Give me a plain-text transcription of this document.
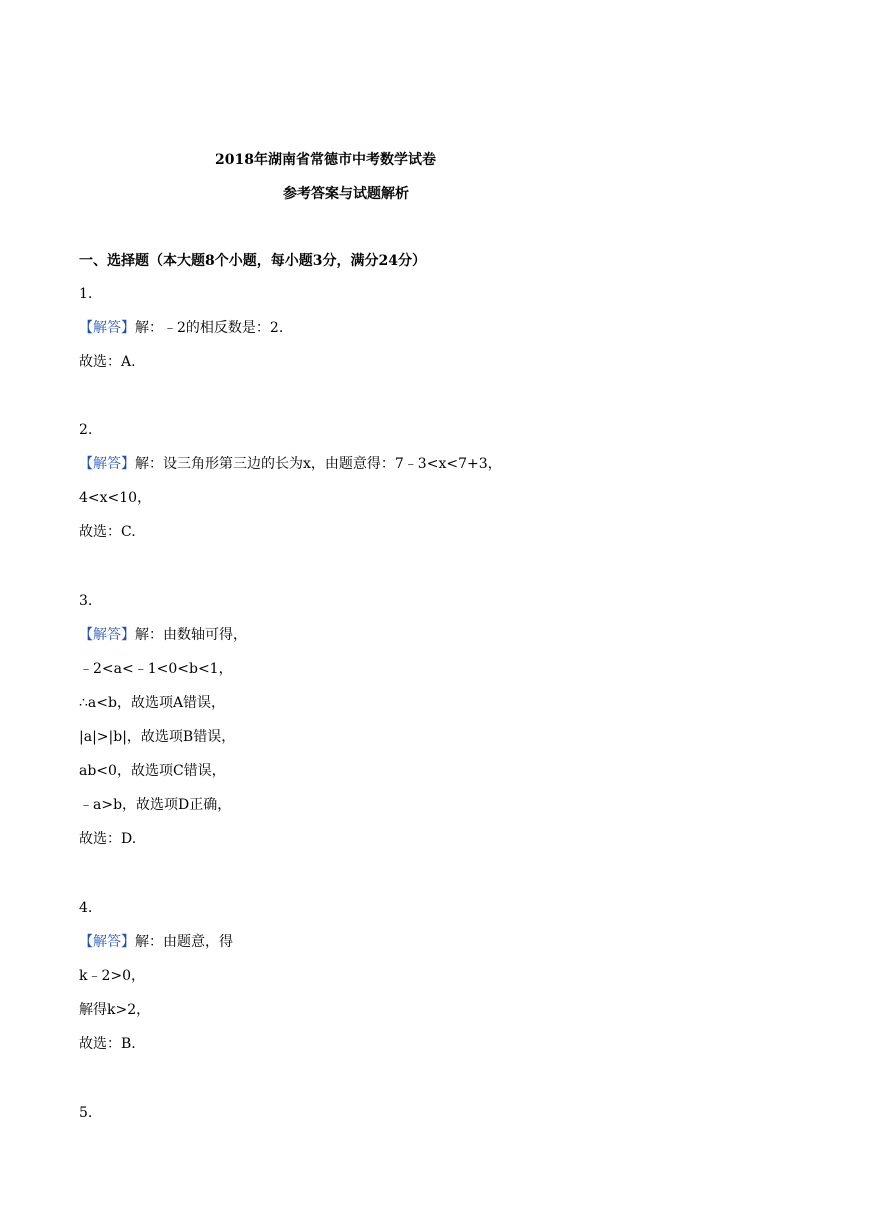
2018年湖南省常德市中考数学试卷
参考答案与试题解析
一、选择题（本大题8个小题，每小题3分，满分24分）
1.
【解答】解：﹣2的相反数是：2.
故选：A.
2.
【解答】解：设三角形第三边的长为x，由题意得：7﹣3<x<7+3，
4<x<10，
故选：C.
3.
【解答】解：由数轴可得，
﹣2<a<﹣1<0<b<1，
∴a<b，故选项A错误，
|a|>|b|，故选项B错误，
ab<0，故选项C错误，
﹣a>b，故选项D正确，
故选：D.
4.
【解答】解：由题意，得
k﹣2>0，
解得k>2，
故选：B.
5.
